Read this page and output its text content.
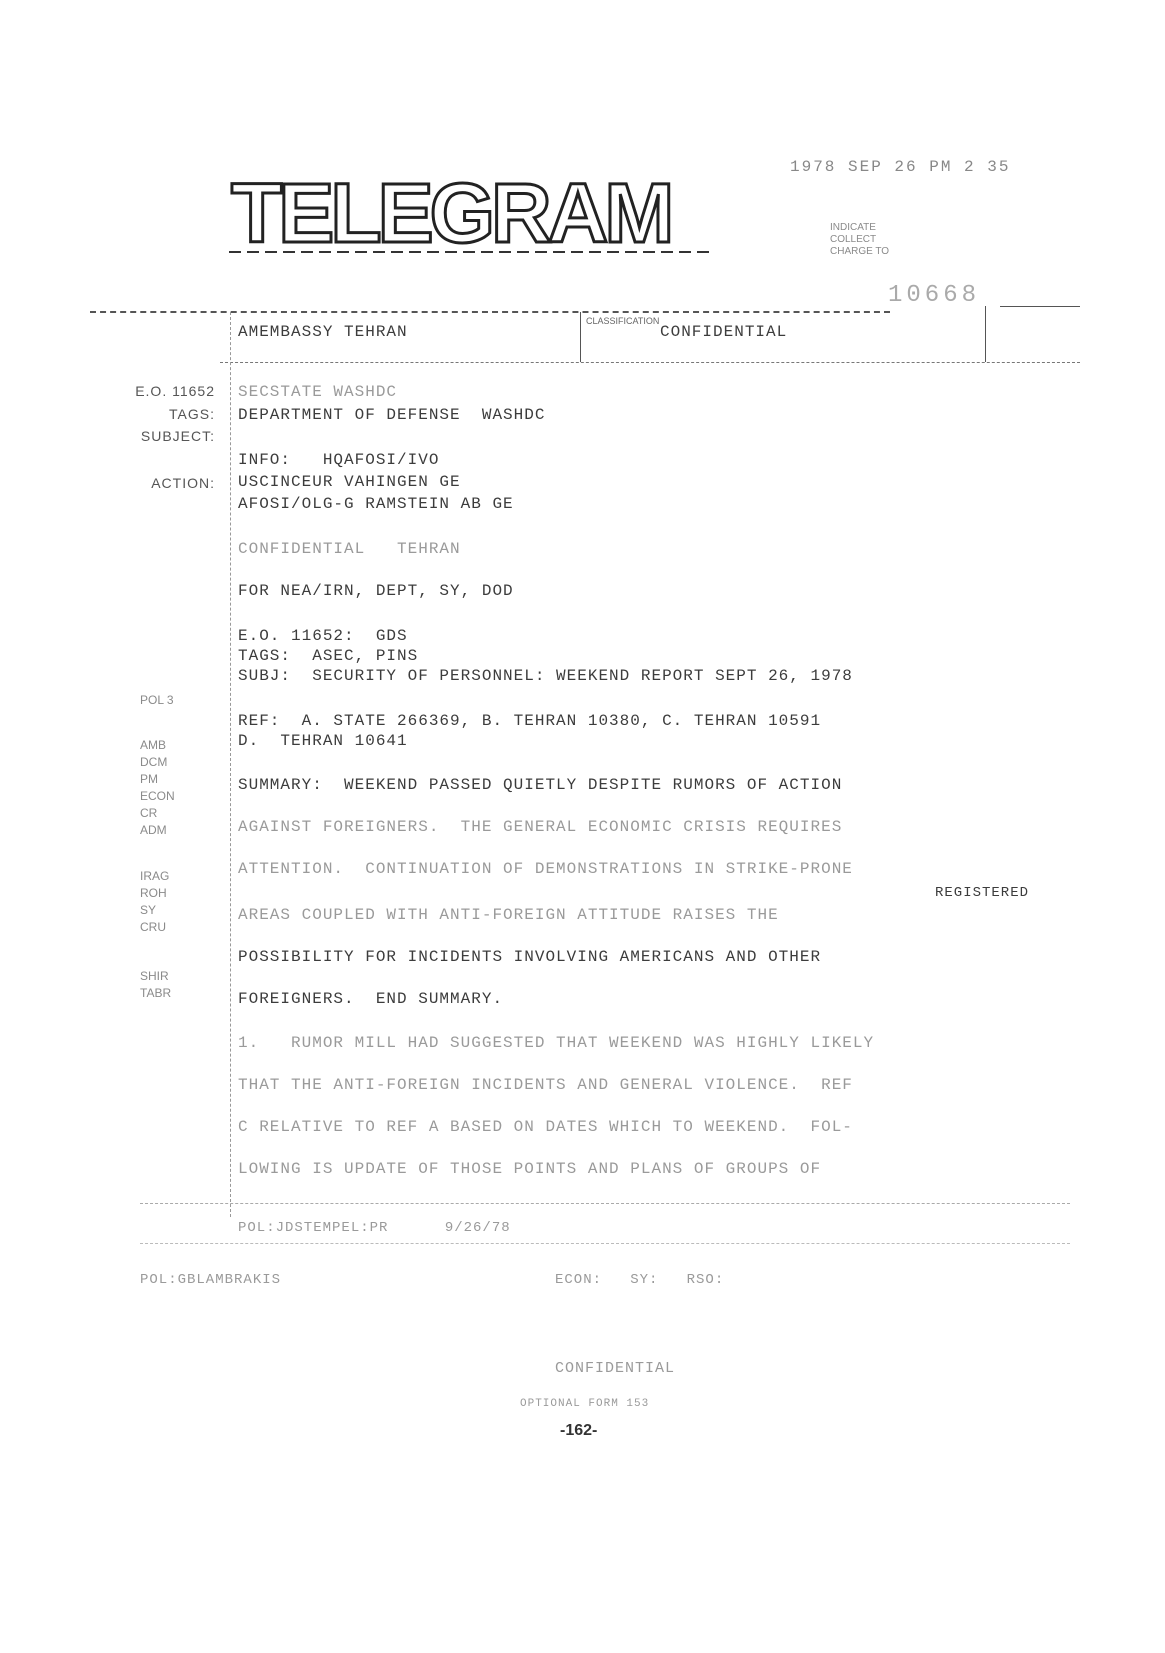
TELEGRAM	1978 SEP 26 PM 2 35
INDICATE
COLLECT
CHARGE TO
10668
AMEMBASSY TEHRAN
CLASSIFICATION
CONFIDENTIAL
E.O. 11652
TAGS:
SUBJECT:
ACTION:
POL 3
AMB
DCM
PM
ECON
CR
ADM
IRAG
ROH
SY
CRU
SHIR
TABR
SECSTATE WASHDC
DEPARTMENT OF DEFENSE  WASHDC
INFO:   HQAFOSI/IVO
USCINCEUR VAHINGEN GE
AFOSI/OLG-G RAMSTEIN AB GE
CONFIDENTIAL   TEHRAN
FOR NEA/IRN, DEPT, SY, DOD
E.O. 11652:  GDS
TAGS:  ASEC, PINS
SUBJ:  SECURITY OF PERSONNEL: WEEKEND REPORT SEPT 26, 1978
REF:  A. STATE 266369, B. TEHRAN 10380, C. TEHRAN 10591
D.  TEHRAN 10641
SUMMARY:  WEEKEND PASSED QUIETLY DESPITE RUMORS OF ACTION
AGAINST FOREIGNERS.  THE GENERAL ECONOMIC CRISIS REQUIRES
ATTENTION.  CONTINUATION OF DEMONSTRATIONS IN STRIKE-PRONE
REGISTERED
AREAS COUPLED WITH ANTI-FOREIGN ATTITUDE RAISES THE
POSSIBILITY FOR INCIDENTS INVOLVING AMERICANS AND OTHER
FOREIGNERS.  END SUMMARY.
1.   RUMOR MILL HAD SUGGESTED THAT WEEKEND WAS HIGHLY LIKELY
THAT THE ANTI-FOREIGN INCIDENTS AND GENERAL VIOLENCE.  REF
C RELATIVE TO REF A BASED ON DATES WHICH TO WEEKEND.  FOL-
LOWING IS UPDATE OF THOSE POINTS AND PLANS OF GROUPS OF
POL:JDSTEMPEL:PR      9/26/78
POL:GBLAMBRAKIS	ECON:   SY:   RSO:
CONFIDENTIAL
OPTIONAL FORM 153
-162-
